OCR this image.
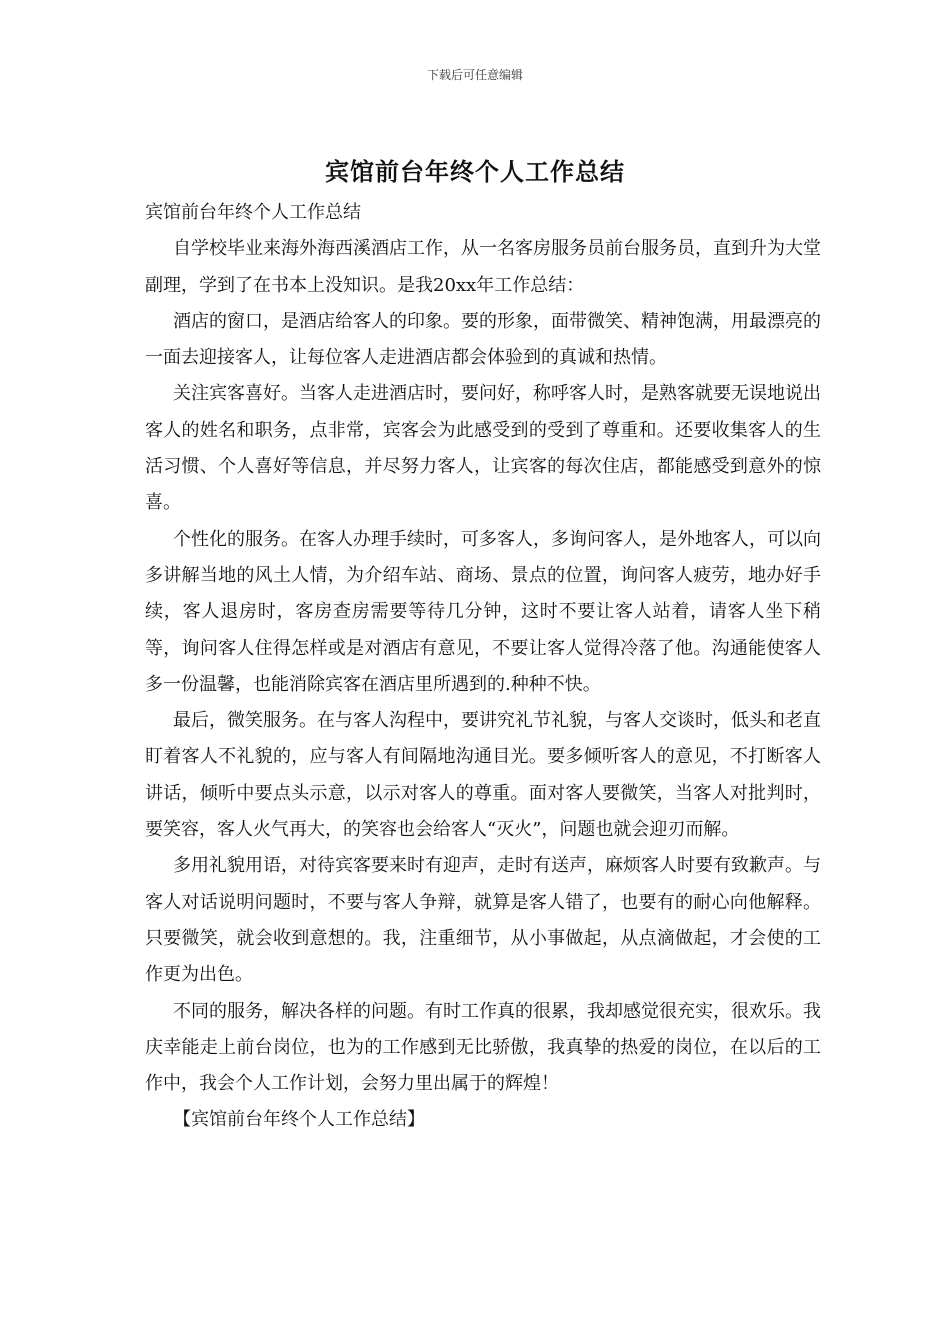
下载后可任意编辑
宾馆前台年终个人工作总结

宾馆前台年终个人工作总结

自学校毕业来海外海西溪酒店工作，从一名客房服务员前台服务员，直到升为大堂副理，学到了在书本上没知识。是我20xx年工作总结：

酒店的窗口，是酒店给客人的印象。要的形象，面带微笑、精神饱满，用最漂亮的一面去迎接客人，让每位客人走进酒店都会体验到的真诚和热情。

关注宾客喜好。当客人走进酒店时，要问好，称呼客人时，是熟客就要无误地说出客人的姓名和职务，点非常，宾客会为此感受到的受到了尊重和。还要收集客人的生活习惯、个人喜好等信息，并尽努力客人，让宾客的每次住店，都能感受到意外的惊喜。

个性化的服务。在客人办理手续时，可多客人，多询问客人，是外地客人，可以向多讲解当地的风土人情，为介绍车站、商场、景点的位置，询问客人疲劳，地办好手续，客人退房时，客房查房需要等待几分钟，这时不要让客人站着，请客人坐下稍等，询问客人住得怎样或是对酒店有意见，不要让客人觉得冷落了他。沟通能使客人多一份温馨，也能消除宾客在酒店里所遇到的.种种不快。

最后，微笑服务。在与客人沟程中，要讲究礼节礼貌，与客人交谈时，低头和老直盯着客人不礼貌的，应与客人有间隔地沟通目光。要多倾听客人的意见，不打断客人讲话，倾听中要点头示意，以示对客人的尊重。面对客人要微笑，当客人对批判时，要笑容，客人火气再大，的笑容也会给客人“灭火”，问题也就会迎刃而解。

多用礼貌用语，对待宾客要来时有迎声，走时有送声，麻烦客人时要有致歉声。与客人对话说明问题时，不要与客人争辩，就算是客人错了，也要有的耐心向他解释。只要微笑，就会收到意想的。我，注重细节，从小事做起，从点滴做起，才会使的工作更为出色。

不同的服务，解决各样的问题。有时工作真的很累，我却感觉很充实，很欢乐。我庆幸能走上前台岗位，也为的工作感到无比骄傲，我真挚的热爱的岗位，在以后的工作中，我会个人工作计划，会努力里出属于的辉煌！

【宾馆前台年终个人工作总结】
